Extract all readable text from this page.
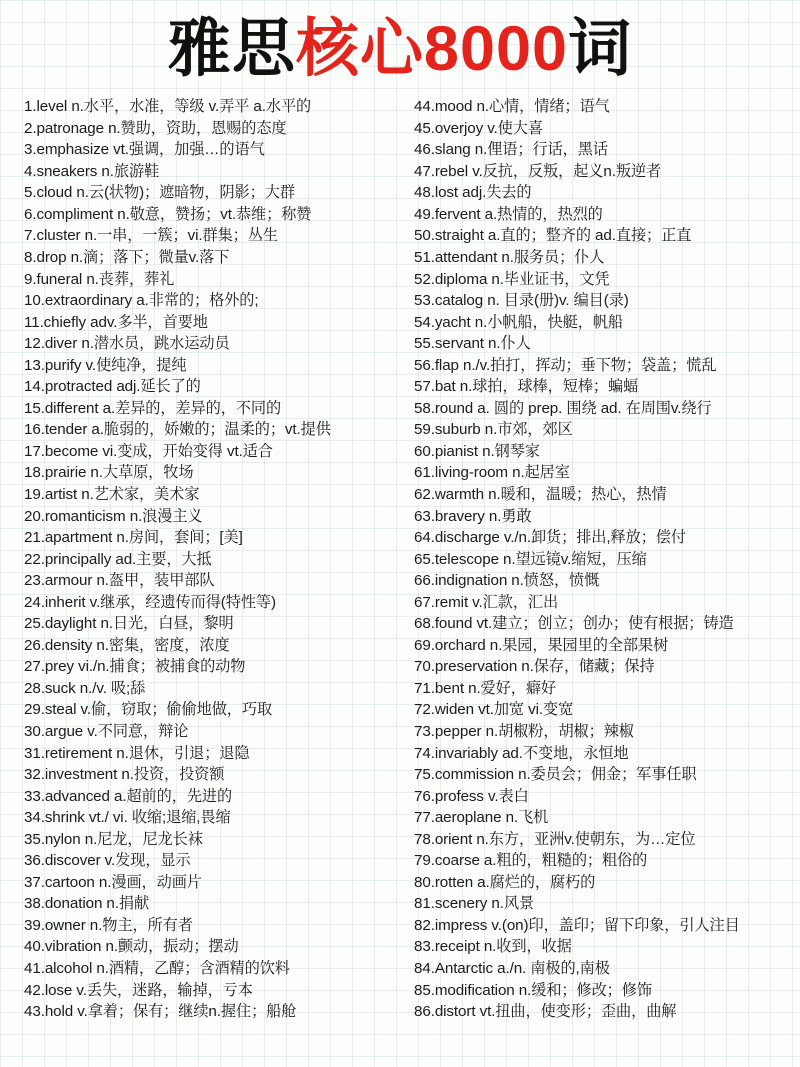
雅思核心8000词
1.level n.水平，水准，等级 v.弄平 a.水平的
2.patronage n.赞助，资助，恩赐的态度
3.emphasize vt.强调，加强…的语气
4.sneakers n.旅游鞋
5.cloud n.云(状物)；遮暗物，阴影；大群
6.compliment n.敬意，赞扬；vt.恭维；称赞
7.cluster n.一串，一簇；vi.群集；丛生
8.drop n.滴；落下；微量v.落下
9.funeral n.丧葬，葬礼
10.extraordinary a.非常的；格外的;
11.chiefly adv.多半，首要地
12.diver n.潜水员，跳水运动员
13.purify v.使纯净，提纯
14.protracted adj.延长了的
15.different a.差异的，差异的，不同的
16.tender a.脆弱的，娇嫩的；温柔的；vt.提供
17.become vi.变成，开始变得 vt.适合
18.prairie n.大草原，牧场
19.artist n.艺术家，美术家
20.romanticism n.浪漫主义
21.apartment n.房间，套间；[美]
22.principally ad.主要，大抵
23.armour n.盔甲，装甲部队
24.inherit v.继承，经遗传而得(特性等)
25.daylight n.日光，白昼，黎明
26.density n.密集，密度，浓度
27.prey vi./n.捕食；被捕食的动物
28.suck n./v. 吸;舔
29.steal v.偷，窃取；偷偷地做，巧取
30.argue v.不同意，辩论
31.retirement n.退休，引退；退隐
32.investment n.投资，投资额
33.advanced a.超前的，先进的
34.shrink vt./ vi. 收缩;退缩,畏缩
35.nylon n.尼龙，尼龙长袜
36.discover v.发现，显示
37.cartoon n.漫画，动画片
38.donation n.捐献
39.owner n.物主，所有者
40.vibration n.颤动，振动；摆动
41.alcohol n.酒精，乙醇；含酒精的饮料
42.lose v.丢失，迷路，输掉，亏本
43.hold v.拿着；保有；继续n.握住；船舱
44.mood n.心情，情绪；语气
45.overjoy v.使大喜
46.slang n.俚语；行话，黑话
47.rebel v.反抗，反叛，起义n.叛逆者
48.lost adj.失去的
49.fervent a.热情的，热烈的
50.straight a.直的；整齐的 ad.直接；正直
51.attendant n.服务员；仆人
52.diploma n.毕业证书，文凭
53.catalog n. 目录(册)v. 编目(录)
54.yacht n.小帆船，快艇，帆船
55.servant n.仆人
56.flap n./v.拍打，挥动；垂下物；袋盖；慌乱
57.bat n.球拍，球棒，短棒；蝙蝠
58.round a. 圆的 prep. 围绕 ad. 在周围v.绕行
59.suburb n.市郊，郊区
60.pianist n.钢琴家
61.living-room n.起居室
62.warmth n.暖和，温暖；热心，热情
63.bravery n.勇敢
64.discharge v./n.卸货；排出,释放；偿付
65.telescope n.望远镜v.缩短，压缩
66.indignation n.愤怒，愤慨
67.remit v.汇款，汇出
68.found vt.建立；创立；创办；使有根据；铸造
69.orchard n.果园，果园里的全部果树
70.preservation n.保存，储藏；保持
71.bent n.爱好，癖好
72.widen vt.加宽 vi.变宽
73.pepper n.胡椒粉，胡椒；辣椒
74.invariably ad.不变地，永恒地
75.commission n.委员会；佣金；军事任职
76.profess v.表白
77.aeroplane n.飞机
78.orient n.东方，亚洲v.使朝东，为…定位
79.coarse a.粗的，粗糙的；粗俗的
80.rotten a.腐烂的，腐朽的
81.scenery n.风景
82.impress v.(on)印，盖印；留下印象，引人注目
83.receipt n.收到，收据
84.Antarctic a./n. 南极的,南极
85.modification n.缓和；修改；修饰
86.distort vt.扭曲，使变形；歪曲，曲解
